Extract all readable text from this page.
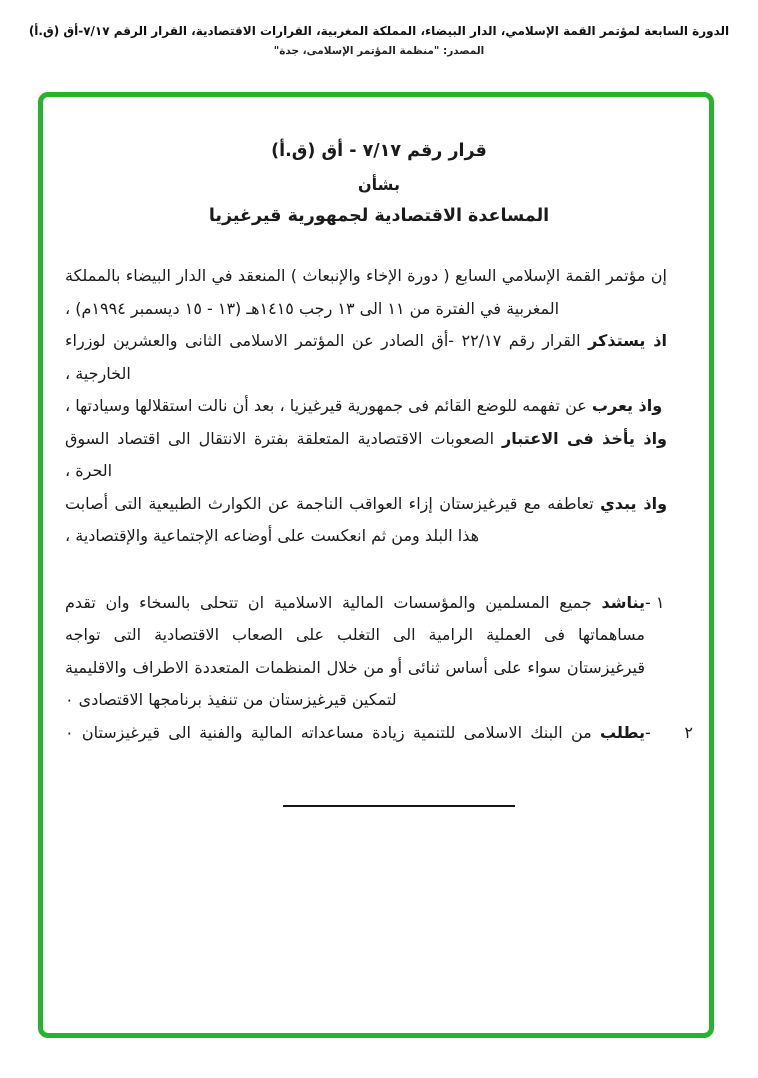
الدورة السابعة لمؤتمر القمة الإسلامي، الدار البيضاء، المملكة المغربية، القرارات الاقتصادية، القرار الرقم ٧/١٧-أق (ق.أ)
المصدر: "منظمة المؤتمر الإسلامى، جدة"
قرار رقم ٧/١٧ - أق (ق.أ)
بشأن
المساعدة الاقتصادية لجمهورية قيرغيزيا

إن مؤتمر القمة الإسلامي السابع ( دورة الإخاء والإنبعاث ) المنعقد في الدار البيضاء بالمملكة المغربية في الفترة من ١١ الى ١٣ رجب ١٤١٥هـ (١٣ - ١٥ ديسمبر ١٩٩٤م) ،

اذ يستذكر القرار رقم ٢٢/١٧ -أق الصادر عن المؤتمر الاسلامى الثانى والعشرين لوزراء الخارجية ،

واذ يعرب عن تفهمه للوضع القائم فى جمهورية قيرغيزيا ، بعد أن نالت استقلالها وسيادتها ،

واذ يأخذ فى الاعتبار الصعوبات الاقتصادية المتعلقة بفترة الانتقال الى اقتصاد السوق الحرة ،

واذ يبدي تعاطفه مع قيرغيزستان إزاء العواقب الناجمة عن الكوارث الطبيعية التى أصابت هذا البلد ومن ثم انعكست على أوضاعه الإجتماعية والإقتصادية ،

١ -يناشد جميع المسلمين والمؤسسات المالية الاسلامية ان تتحلى بالسخاء وان تقدم مساهماتها فى العملية الرامية الى التغلب على الصعاب الاقتصادية التى تواجه قيرغيزستان سواء على أساس ثنائى أو من خلال المنظمات المتعددة الاطراف والاقليمية لتمكين قيرغيزستان من تنفيذ برنامجها الاقتصادى ٠
٢ -يطلب من البنك الاسلامى للتنمية زيادة مساعداته المالية والفنية الى قيرغيزستان ٠
